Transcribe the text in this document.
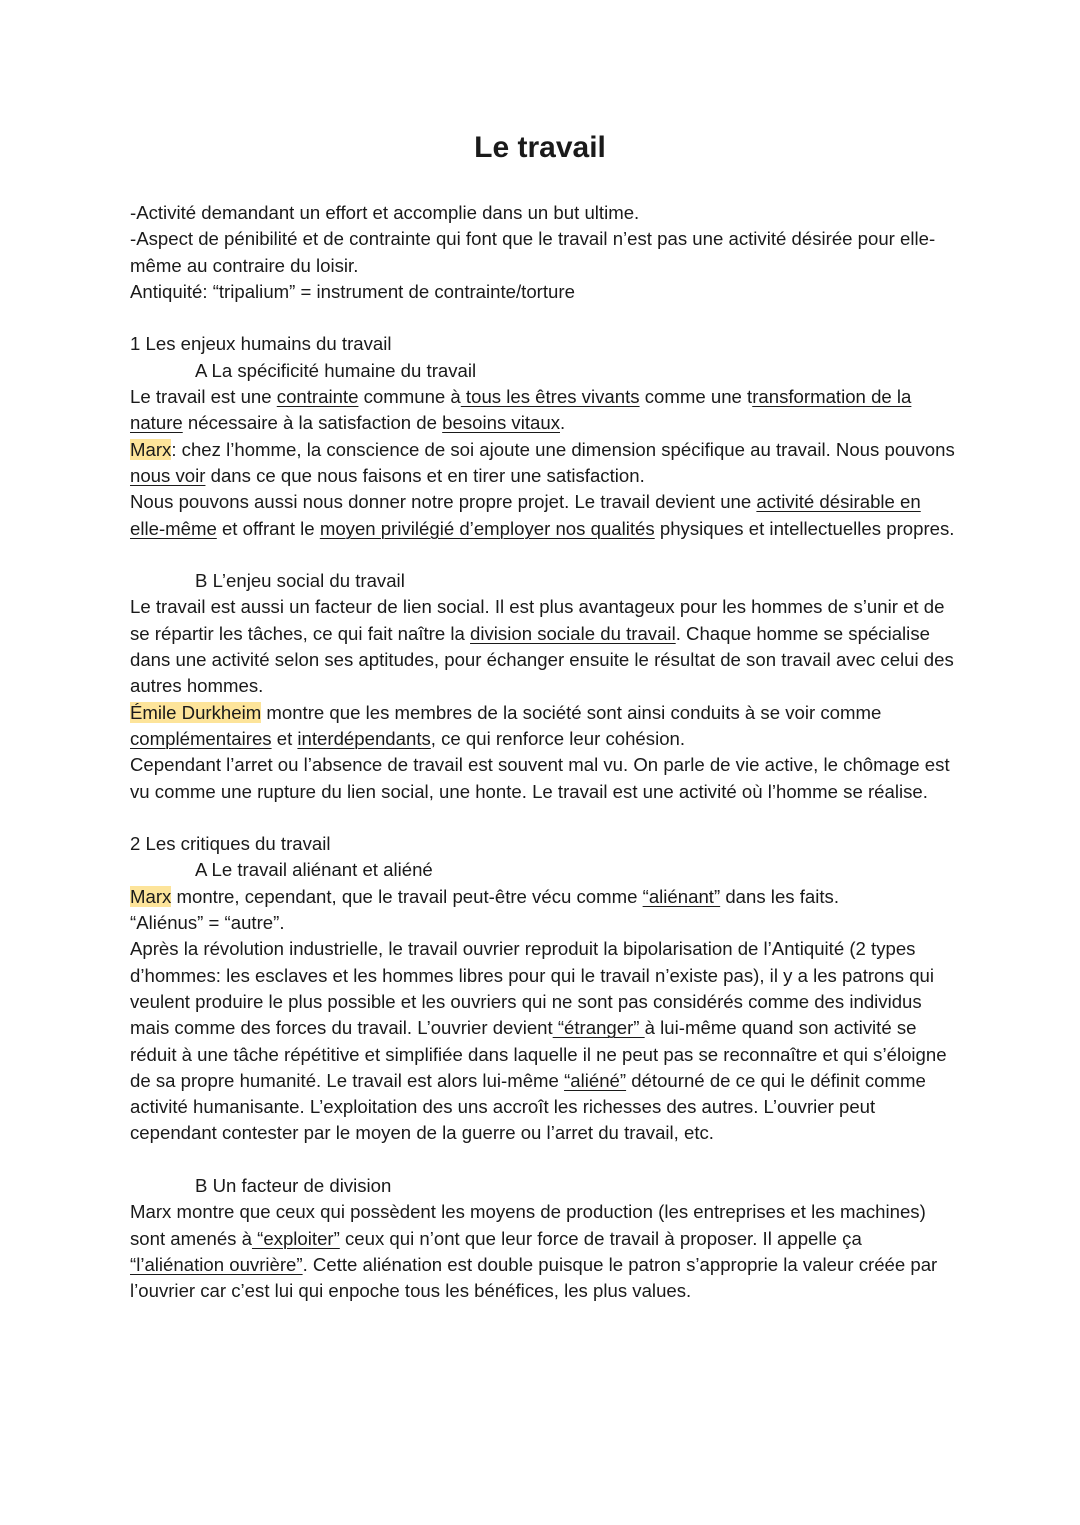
Le travail

-Activité demandant un effort et accomplie dans un but ultime.

-Aspect de pénibilité et de contrainte qui font que le travail n’est pas une activité désirée pour elle-même au contraire du loisir.

Antiquité: “tripalium” = instrument de contrainte/torture

1 Les enjeux humains du travail

A La spécificité humaine du travail

Le travail est une contrainte commune à tous les êtres vivants comme une transformation de la nature nécessaire à la satisfaction de besoins vitaux.

Marx: chez l’homme, la conscience de soi ajoute une dimension spécifique au travail. Nous pouvons nous voir dans ce que nous faisons et en tirer une satisfaction.

Nous pouvons aussi nous donner notre propre projet. Le travail devient une activité désirable en elle-même et offrant le moyen privilégié d’employer nos qualités physiques et intellectuelles propres.

B L’enjeu social du travail

Le travail est aussi un facteur de lien social. Il est plus avantageux pour les hommes de s’unir et de se répartir les tâches, ce qui fait naître la division sociale du travail. Chaque homme se spécialise dans une activité selon ses aptitudes, pour échanger ensuite le résultat de son travail avec celui des autres hommes.

Émile Durkheim montre que les membres de la société sont ainsi conduits à se voir comme complémentaires et interdépendants, ce qui renforce leur cohésion.

Cependant l’arret ou l’absence de travail est souvent mal vu. On parle de vie active, le chômage est vu comme une rupture du lien social, une honte. Le travail est une activité où l’homme se réalise.

2 Les critiques du travail

A Le travail aliénant et aliéné

Marx montre, cependant, que le travail peut-être vécu comme “aliénant” dans les faits.

“Aliénus” = “autre”.

Après la révolution industrielle, le travail ouvrier reproduit la bipolarisation de l’Antiquité (2 types d’hommes: les esclaves et les hommes libres pour qui le travail n’existe pas), il y a les patrons qui veulent produire le plus possible et les ouvriers qui ne sont pas considérés comme des individus mais comme des forces du travail. L’ouvrier devient “étranger” à lui-même quand son activité se réduit à une tâche répétitive et simplifiée dans laquelle il ne peut pas se reconnaître et qui s’éloigne de sa propre humanité. Le travail est alors lui-même “aliéné” détourné de ce qui le définit comme activité humanisante. L’exploitation des uns accroît les richesses des autres. L’ouvrier peut cependant contester par le moyen de la guerre ou l’arret du travail, etc.

B Un facteur de division

Marx montre que ceux qui possèdent les moyens de production (les entreprises et les machines) sont amenés à “exploiter” ceux qui n’ont que leur force de travail à proposer. Il appelle ça “l’aliénation ouvrière”. Cette aliénation est double puisque le patron s’approprie la valeur créée par l’ouvrier car c’est lui qui enpoche tous les bénéfices, les plus values.
